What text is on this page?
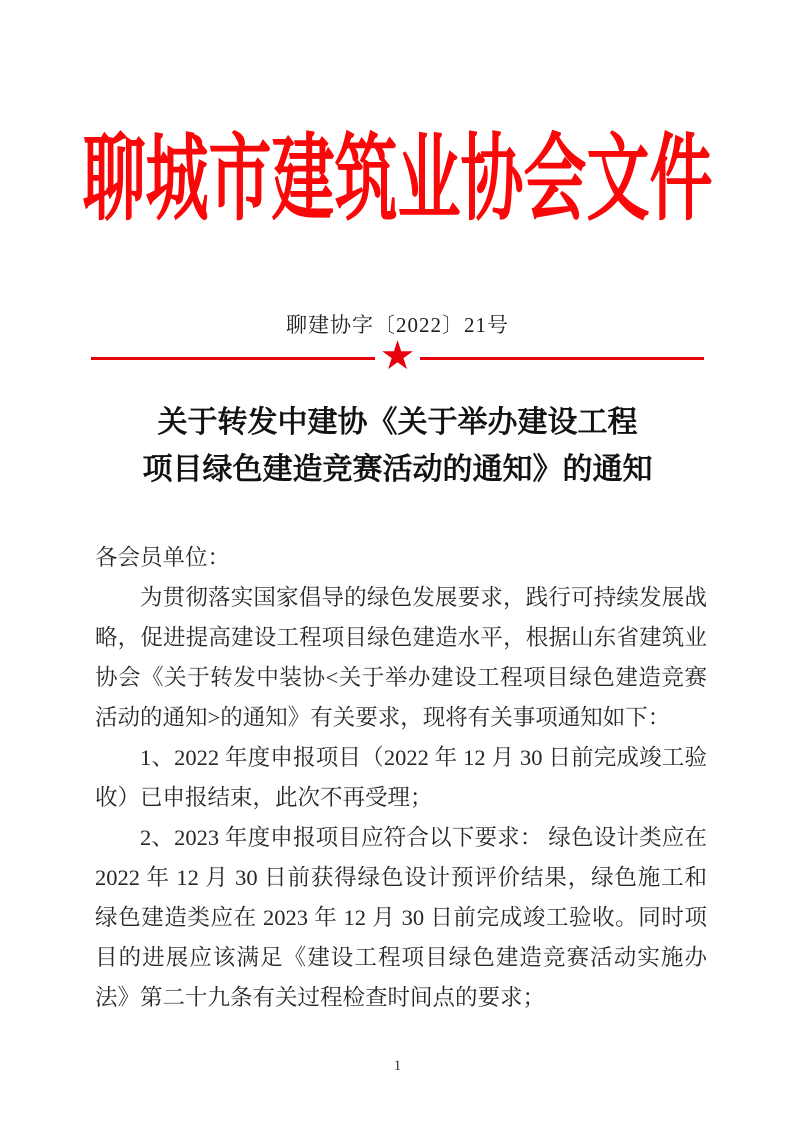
聊城市建筑业协会文件
聊建协字〔2022〕21号
★
关于转发中建协《关于举办建设工程
项目绿色建造竞赛活动的通知》的通知

各会员单位：

为贯彻落实国家倡导的绿色发展要求，践行可持续发展战略，促进提高建设工程项目绿色建造水平，根据山东省建筑业协会《关于转发中装协<关于举办建设工程项目绿色建造竞赛活动的通知>的通知》有关要求，现将有关事项通知如下：

1、2022 年度申报项目（2022 年 12 月 30 日前完成竣工验收）已申报结束，此次不再受理；

2、2023 年度申报项目应符合以下要求： 绿色设计类应在 2022 年 12 月 30 日前获得绿色设计预评价结果，绿色施工和绿色建造类应在 2023 年 12 月 30 日前完成竣工验收。同时项目的进展应该满足《建设工程项目绿色建造竞赛活动实施办法》第二十九条有关过程检查时间点的要求；

1
